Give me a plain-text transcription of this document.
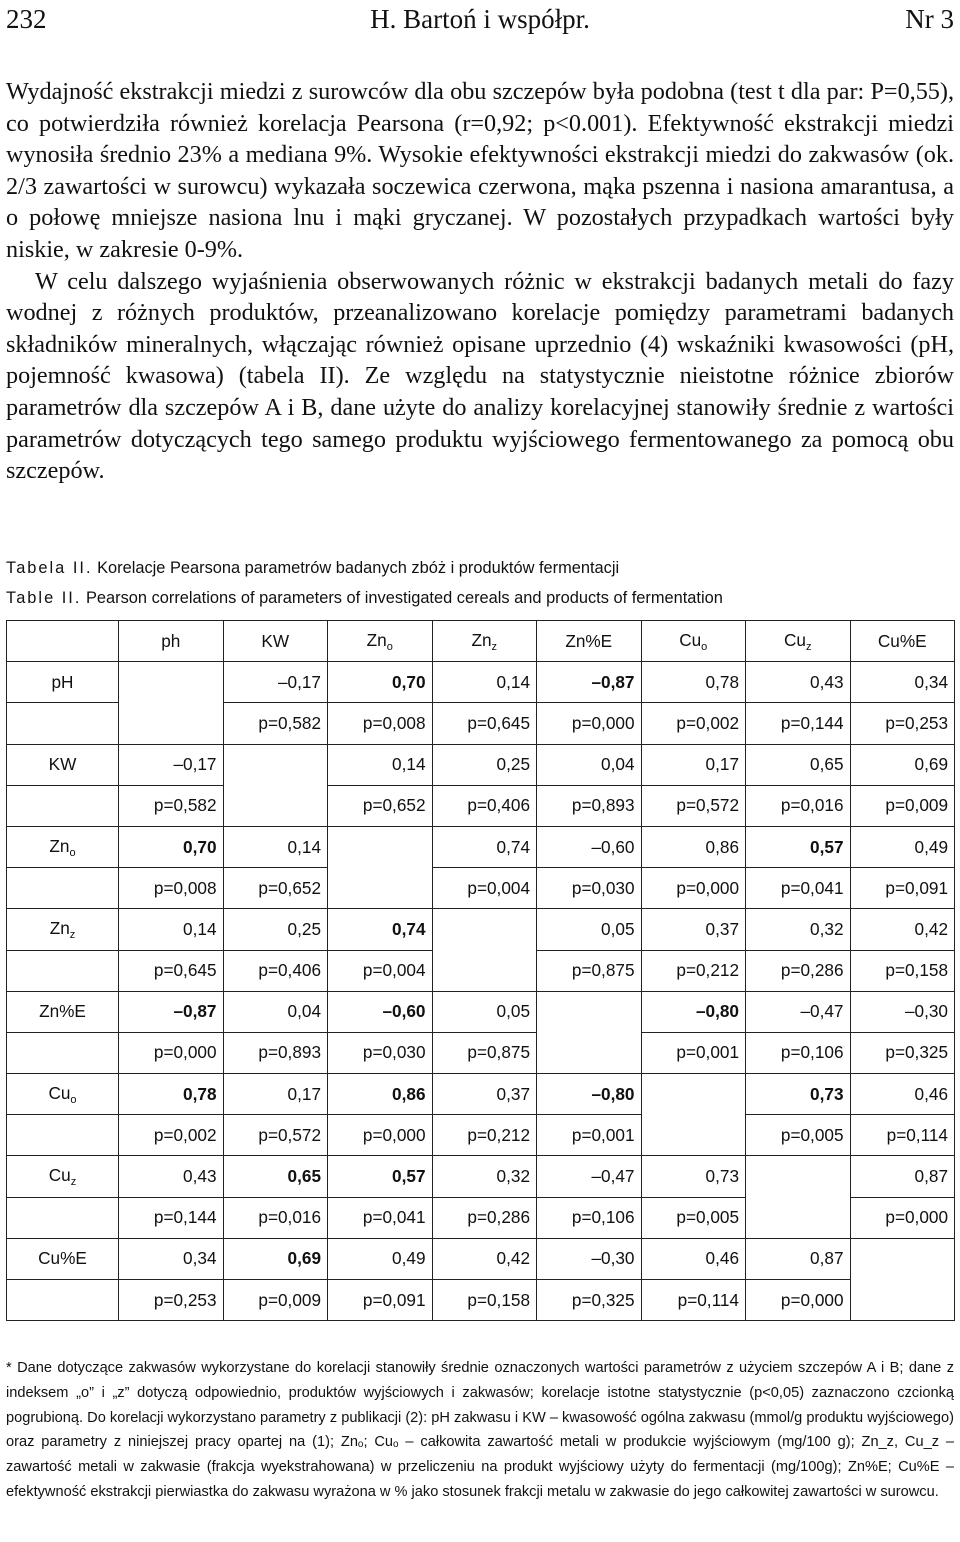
232	H. Bartoń i współpr.	Nr 3

Wydajność ekstrakcji miedzi z surowców dla obu szczepów była podobna (test t dla par: P=0,55), co potwierdziła również korelacja Pearsona (r=0,92; p<0.001). Efektywność ekstrakcji miedzi wynosiła średnio 23% a mediana 9%. Wysokie efektywności ekstrakcji miedzi do zakwasów (ok. 2/3 zawartości w surowcu) wykazała soczewica czerwona, mąka pszenna i nasiona amarantusa, a o połowę mniejsze nasiona lnu i mąki gryczanej. W pozostałych przypadkach wartości były niskie, w zakresie 0-9%.

W celu dalszego wyjaśnienia obserwowanych różnic w ekstrakcji badanych metali do fazy wodnej z różnych produktów, przeanalizowano korelacje pomiędzy parametrami badanych składników mineralnych, włączając również opisane uprzednio (4) wskaźniki kwasowości (pH, pojemność kwasowa) (tabela II). Ze względu na statystycznie nieistotne różnice zbiorów parametrów dla szczepów A i B, dane użyte do analizy korelacyjnej stanowiły średnie z wartości parametrów dotyczących tego samego produktu wyjściowego fermentowanego za pomocą obu szczepów.

Tabela II. Korelacje Pearsona parametrów badanych zbóż i produktów fermentacji
Table II. Pearson correlations of parameters of investigated cereals and products of fermentation
	ph	KW	$Zn_o$	$Zn_z$	Zn%E	$Cu_o$	$Cu_z$	Cu%E
pH		–0,17	0,70	0,14	–0,87	0,78	0,43	0,34
		p=0,582	p=0,008	p=0,645	p=0,000	p=0,002	p=0,144	p=0,253
KW	–0,17		0,14	0,25	0,04	0,17	0,65	0,69
	p=0,582		p=0,652	p=0,406	p=0,893	p=0,572	p=0,016	p=0,009
$Zn_o$	0,70	0,14		0,74	–0,60	0,86	0,57	0,49
	p=0,008	p=0,652		p=0,004	p=0,030	p=0,000	p=0,041	p=0,091
$Zn_z$	0,14	0,25	0,74		0,05	0,37	0,32	0,42
	p=0,645	p=0,406	p=0,004		p=0,875	p=0,212	p=0,286	p=0,158
Zn%E	–0,87	0,04	–0,60	0,05		–0,80	–0,47	–0,30
	p=0,000	p=0,893	p=0,030	p=0,875		p=0,001	p=0,106	p=0,325
$Cu_o$	0,78	0,17	0,86	0,37	–0,80		0,73	0,46
	p=0,002	p=0,572	p=0,000	p=0,212	p=0,001		p=0,005	p=0,114
$Cu_z$	0,43	0,65	0,57	0,32	–0,47	0,73		0,87
	p=0,144	p=0,016	p=0,041	p=0,286	p=0,106	p=0,005		p=0,000
Cu%E	0,34	0,69	0,49	0,42	–0,30	0,46	0,87	
	p=0,253	p=0,009	p=0,091	p=0,158	p=0,325	p=0,114	p=0,000	
* Dane dotyczące zakwasów wykorzystane do korelacji stanowiły średnie oznaczonych wartości parametrów z użyciem szczepów A i B; dane z indeksem „o” i „z” dotyczą odpowiednio, produktów wyjściowych i zakwasów; korelacje istotne statystycznie (p<0,05) zaznaczono czcionką pogrubioną. Do korelacji wykorzystano parametry z publikacji (2): pH zakwasu i KW – kwasowość ogólna zakwasu (mmol/g produktu wyjściowego) oraz parametry z niniejszej pracy opartej na (1); Znₒ; Cuₒ – całkowita zawartość metali w produkcie wyjściowym (mg/100 g); Zn_z, Cu_z – zawartość metali w zakwasie (frakcja wyekstrahowana) w przeliczeniu na produkt wyjściowy użyty do fermentacji (mg/100g); Zn%E; Cu%E – efektywność ekstrakcji pierwiastka do zakwasu wyrażona w % jako stosunek frakcji metalu w zakwasie do jego całkowitej zawartości w surowcu.
